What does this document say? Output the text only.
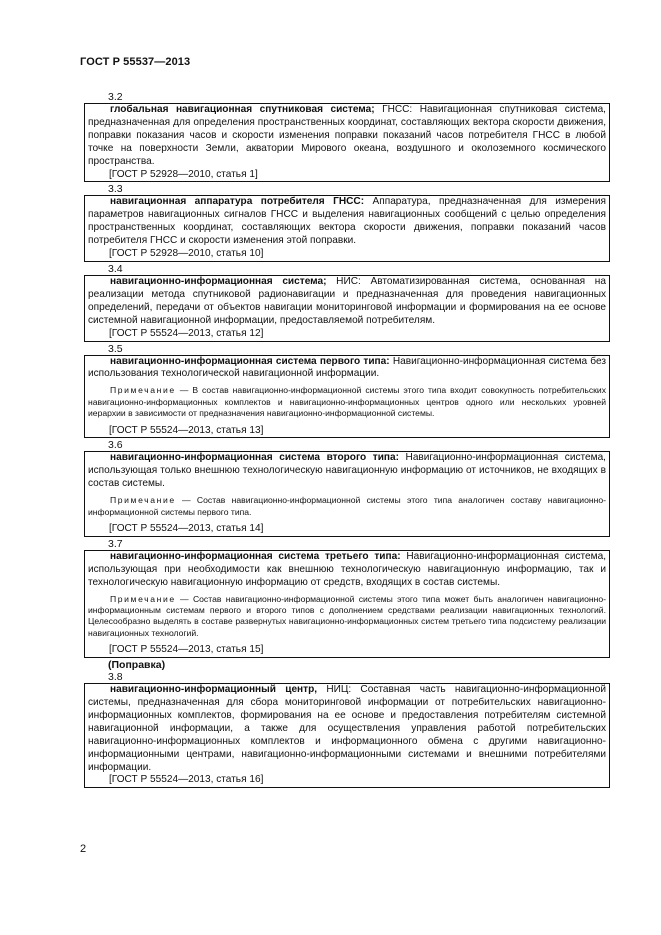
ГОСТ Р 55537—2013
3.2

глобальная навигационная спутниковая система; ГНСС: Навигационная спутниковая система, предназначенная для определения пространственных координат, составляющих вектора скорости движения, поправки показания часов и скорости изменения поправки показаний часов потребителя ГНСС в любой точке на поверхности Земли, акватории Мирового океана, воздушного и околоземного космического пространства.

[ГОСТ Р 52928—2010, статья 1]

3.3

навигационная аппаратура потребителя ГНСС: Аппаратура, предназначенная для измерения параметров навигационных сигналов ГНСС и выделения навигационных сообщений с целью определения пространственных координат, составляющих вектора скорости движения, поправки показаний часов потребителя ГНСС и скорости изменения этой поправки.

[ГОСТ Р 52928—2010, статья 10]

3.4

навигационно-информационная система; НИС: Автоматизированная система, основанная на реализации метода спутниковой радионавигации и предназначенная для проведения навигационных определений, передачи от объектов навигации мониторинговой информации и формирования на ее основе системной навигационной информации, предоставляемой потребителям.

[ГОСТ Р 55524—2013, статья 12]

3.5

навигационно-информационная система первого типа: Навигационно-информационная система без использования технологической навигационной информации.

Примечание — В состав навигационно-информационной системы этого типа входит совокупность потребительских навигационно-информационных комплектов и навигационно-информационных центров одного или нескольких уровней иерархии в зависимости от предназначения навигационно-информационной системы.

[ГОСТ Р 55524—2013, статья 13]

3.6

навигационно-информационная система второго типа: Навигационно-информационная система, использующая только внешнюю технологическую навигационную информацию от источников, не входящих в состав системы.

Примечание — Состав навигационно-информационной системы этого типа аналогичен составу навигационно-информационной системы первого типа.

[ГОСТ Р 55524—2013, статья 14]

3.7

навигационно-информационная система третьего типа: Навигационно-информационная система, использующая при необходимости как внешнюю технологическую навигационную информацию, так и технологическую навигационную информацию от средств, входящих в состав системы.

Примечание — Состав навигационно-информационной системы этого типа может быть аналогичен навигационно-информационным системам первого и второго типов с дополнением средствами реализации навигационных технологий. Целесообразно выделять в составе развернутых навигационно-информационных систем третьего типа подсистему реализации навигационных технологий.

[ГОСТ Р 55524—2013, статья 15]

(Поправка)
3.8

навигационно-информационный центр, НИЦ: Составная часть навигационно-информационной системы, предназначенная для сбора мониторинговой информации от потребительских навигационно-информационных комплектов, формирования на ее основе и предоставления потребителям системной навигационной информации, а также для осуществления управления работой потребительских навигационно-информационных комплектов и информационного обмена с другими навигационно-информационными центрами, навигационно-информационными системами и внешними потребителями информации.

[ГОСТ Р 55524—2013, статья 16]

2
